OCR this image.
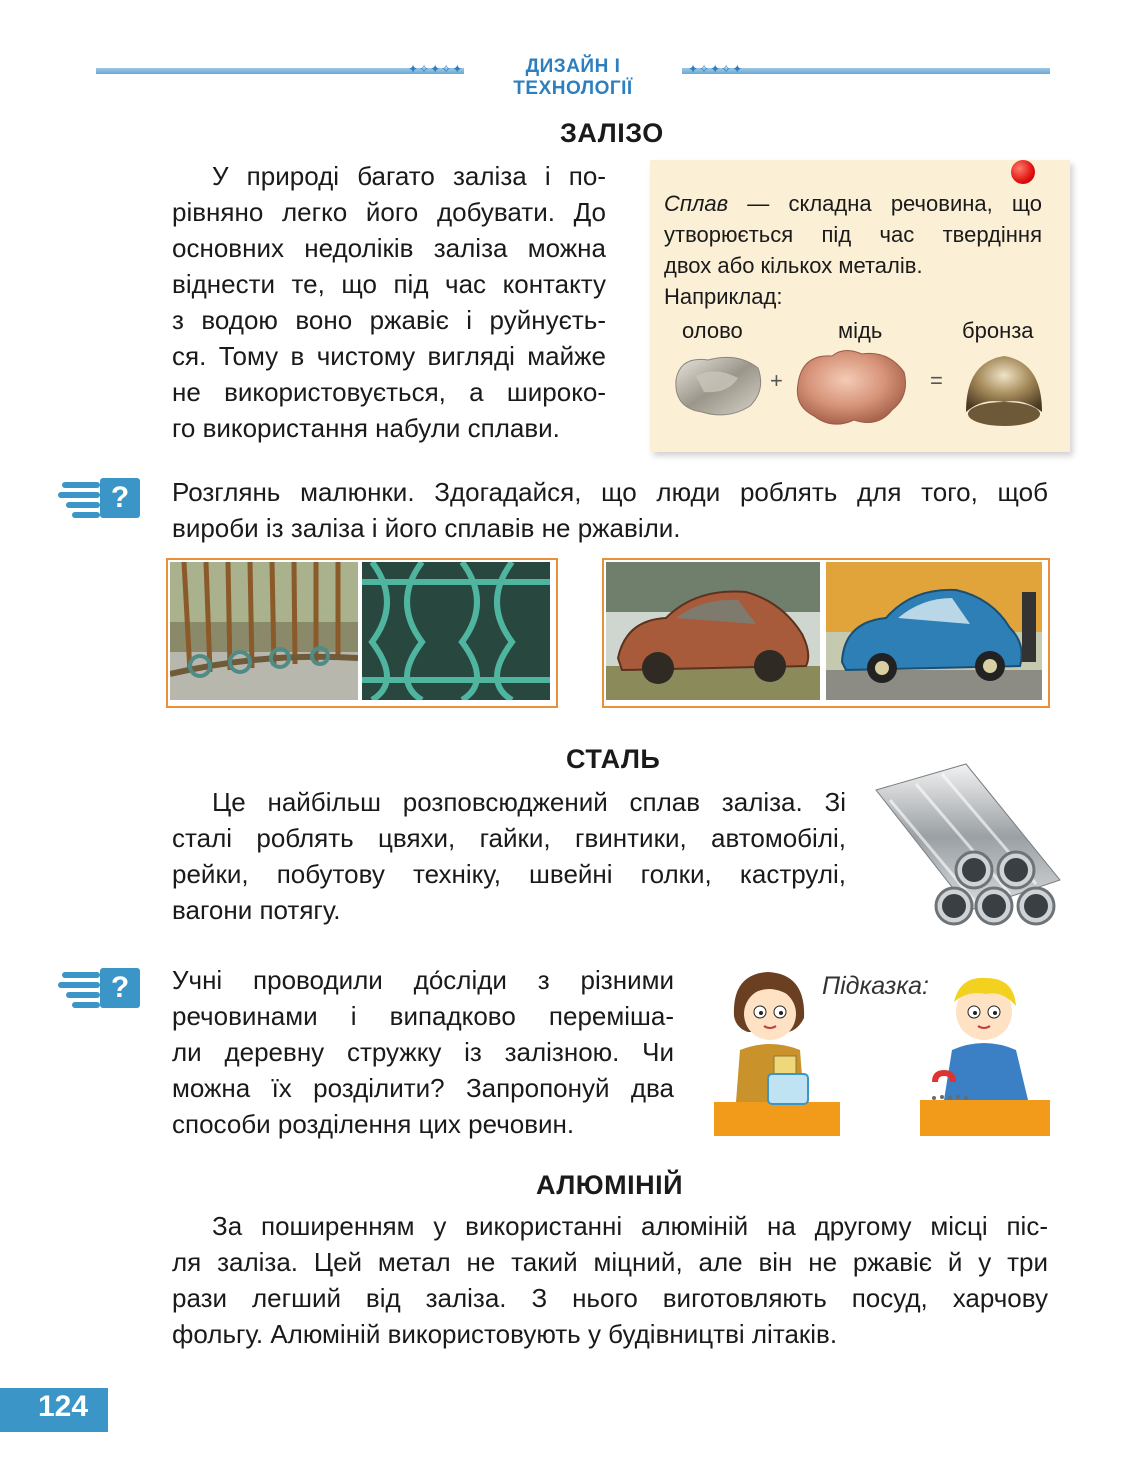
✦✧✦✧✦	✦✧✦✧✦
ДИЗАЙН І ТЕХНОЛОГІЇ
ЗАЛІЗО
У природі багато заліза і по-
рівняно легко його добувати. До
основних недоліків заліза можна
віднести те, що під час контакту
з водою воно ржавіє і руйнуєть-
ся. Тому в чистому вигляді майже
не використовується, а широко-
го використання набули сплави.
Сплав — складна речовина, що
утворюється під час твердіння
двох або кількох металів.
Наприклад:
олово	мідь	бронза
+	=
?	Розглянь малюнки. Здогадайся, що люди роблять для того, щоб
вироби із заліза і його сплавів не ржавіли.
СТАЛЬ
Це найбільш розповсюджений сплав заліза. Зі
сталі роблять цвяхи, гайки, гвинтики, автомобілі,
рейки, побутову техніку, швейні голки, каструлі,
вагони потягу.
?	Учні проводили до́сліди з різними
речовинами і випадково переміша-
ли деревну стружку із залізною. Чи
можна їх розділити? Запропонуй два
способи розділення цих речовин.
Підказка:
АЛЮМІНІЙ
За поширенням у використанні алюміній на другому місці піс-
ля заліза. Цей метал не такий міцний, але він не ржавіє й у три
рази легший від заліза. З нього виготовляють посуд, харчову
фольгу. Алюміній використовують у будівництві літаків.
124
